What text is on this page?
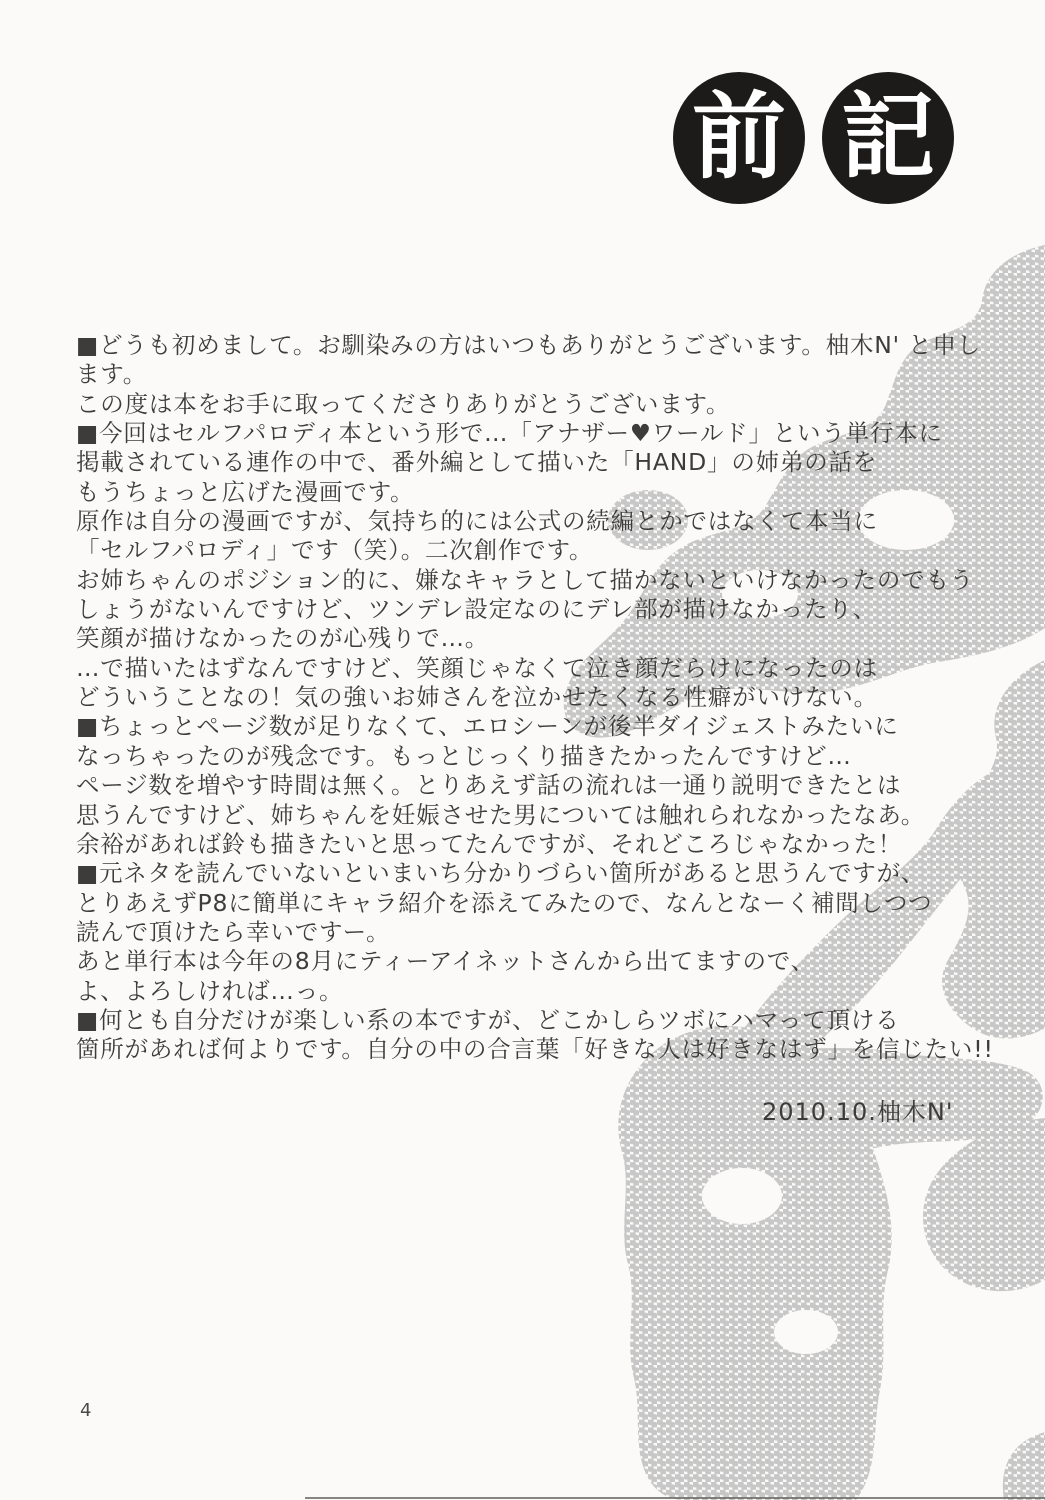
前 記
■どうも初めまして。お馴染みの方はいつもありがとうございます。柚木N' と申し
ます。
この度は本をお手に取ってくださりありがとうございます。
■今回はセルフパロディ本という形で…「アナザー♥ワールド」という単行本に
掲載されている連作の中で、番外編として描いた「HAND」の姉弟の話を
もうちょっと広げた漫画です。
原作は自分の漫画ですが、気持ち的には公式の続編とかではなくて本当に
「セルフパロディ」です（笑）。二次創作です。
お姉ちゃんのポジション的に、嫌なキャラとして描かないといけなかったのでもう
しょうがないんですけど、ツンデレ設定なのにデレ部が描けなかったり、
笑顔が描けなかったのが心残りで…。
…で描いたはずなんですけど、笑顔じゃなくて泣き顔だらけになったのは
どういうことなの！気の強いお姉さんを泣かせたくなる性癖がいけない。
■ちょっとページ数が足りなくて、エロシーンが後半ダイジェストみたいに
なっちゃったのが残念です。もっとじっくり描きたかったんですけど…
ページ数を増やす時間は無く。とりあえず話の流れは一通り説明できたとは
思うんですけど、姉ちゃんを妊娠させた男については触れられなかったなあ。
余裕があれば鈴も描きたいと思ってたんですが、それどころじゃなかった！
■元ネタを読んでいないといまいち分かりづらい箇所があると思うんですが、
とりあえずP8に簡単にキャラ紹介を添えてみたので、なんとなーく補間しつつ
読んで頂けたら幸いですー。
あと単行本は今年の8月にティーアイネットさんから出てますので、
よ、よろしければ…っ。
■何とも自分だけが楽しい系の本ですが、どこかしらツボにハマって頂ける
箇所があれば何よりです。自分の中の合言葉「好きな人は好きなはず」を信じたい!!
2010.10.柚木N'
4
